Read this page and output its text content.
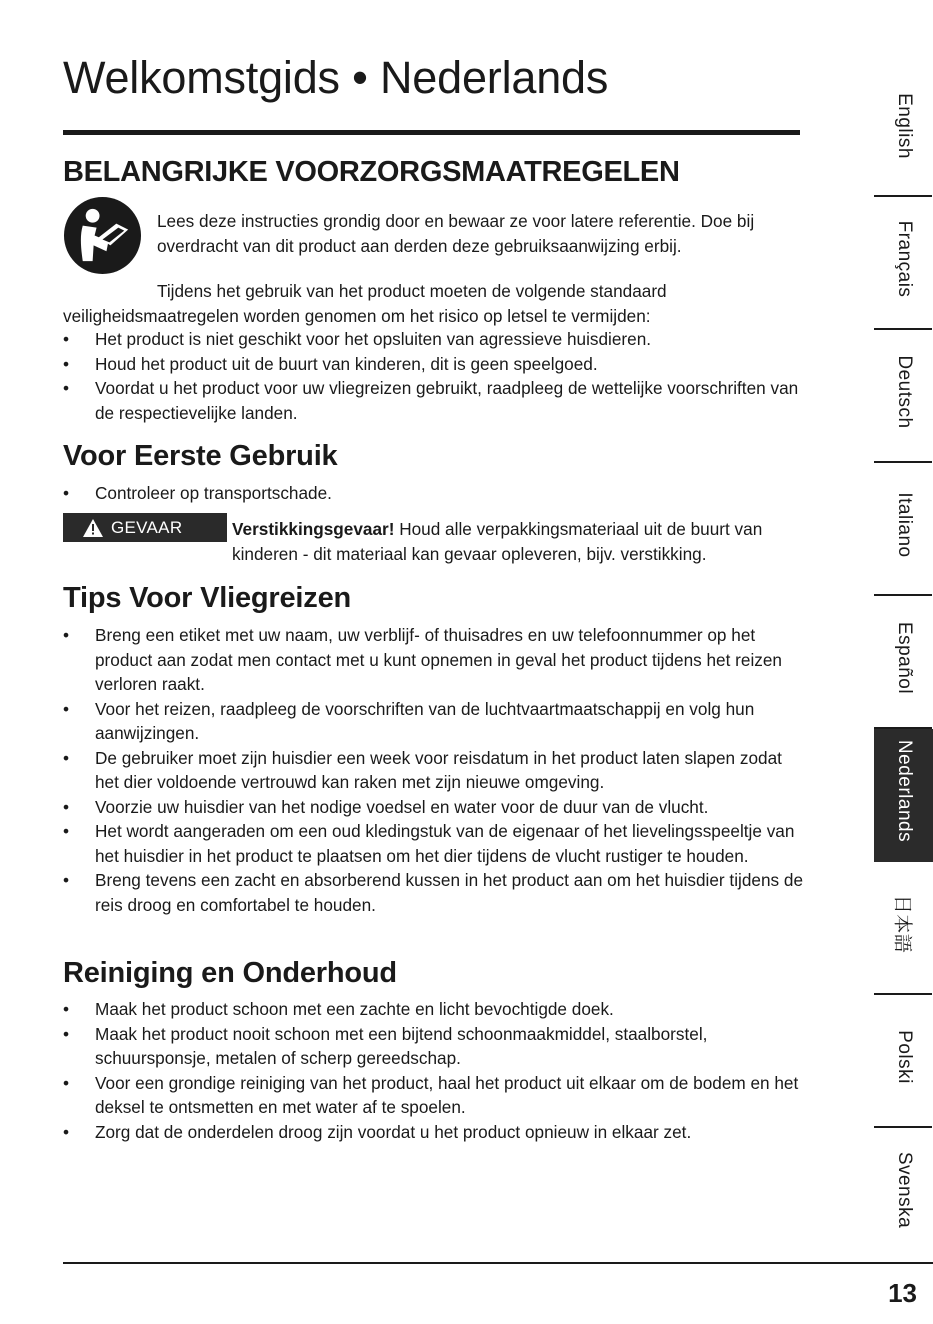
Welkomstgids • Nederlands
BELANGRIJKE VOORZORGSMAATREGELEN

Lees deze instructies grondig door en bewaar ze voor latere referentie. Doe bij overdracht van dit product aan derden deze gebruiksaanwijzing erbij.

Tijdens het gebruik van het product moeten de volgende standaard veiligheidsmaatregelen worden genomen om het risico op letsel te vermijden:

• Het product is niet geschikt voor het opsluiten van agressieve huisdieren.
• Houd het product uit de buurt van kinderen, dit is geen speelgoed.
• Voordat u het product voor uw vliegreizen gebruikt, raadpleeg de wettelijke voorschriften van de respectievelijke landen.
Voor Eerste Gebruik
• Controleer op transportschade.
GEVAAR	Verstikkingsgevaar! Houd alle verpakkingsmateriaal uit de buurt van kinderen - dit materiaal kan gevaar opleveren, bijv. verstikking.

Tips Voor Vliegreizen
• Breng een etiket met uw naam, uw verblijf- of thuisadres en uw telefoonnummer op het product aan zodat men contact met u kunt opnemen in geval het product tijdens het reizen verloren raakt.
• Voor het reizen, raadpleeg de voorschriften van de luchtvaartmaatschappij en volg hun aanwijzingen.
• De gebruiker moet zijn huisdier een week voor reisdatum in het product laten slapen zodat het dier voldoende vertrouwd kan raken met zijn nieuwe omgeving.
• Voorzie uw huisdier van het nodige voedsel en water voor de duur van de vlucht.
• Het wordt aangeraden om een oud kledingstuk van de eigenaar of het lievelingsspeeltje van het huisdier in het product te plaatsen om het dier tijdens de vlucht rustiger te houden.
• Breng tevens een zacht en absorberend kussen in het product aan om het huisdier tijdens de reis droog en comfortabel te houden.
Reiniging en Onderhoud
• Maak het product schoon met een zachte en licht bevochtigde doek.
• Maak het product nooit schoon met een bijtend schoonmaakmiddel, staalborstel, schuursponsje, metalen of scherp gereedschap.
• Voor een grondige reiniging van het product, haal het product uit elkaar om de bodem en het deksel te ontsmetten en met water af te spoelen.
• Zorg dat de onderdelen droog zijn voordat u het product opnieuw in elkaar zet.
English
Français
Deutsch
Italiano
Español
Nederlands
日本語
Polski
Svenska
13
